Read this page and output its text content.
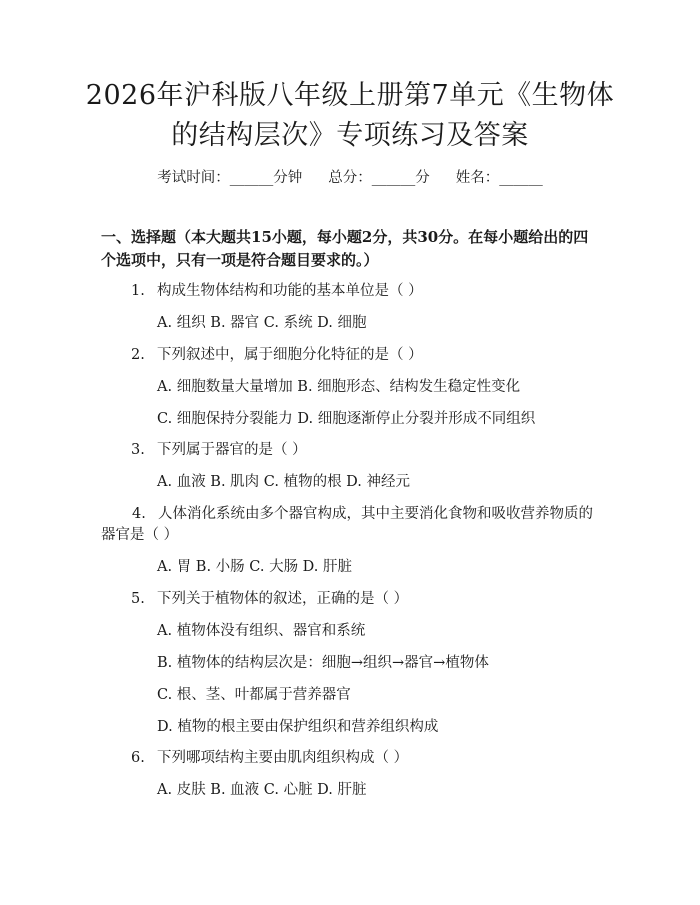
2026年沪科版八年级上册第7单元《生物体
的结构层次》专项练习及答案
考试时间：______分钟 总分：______分 姓名：______
一、选择题（本大题共15小题，每小题2分，共30分。在每小题给出的四个选项中，只有一项是符合题目要求的。）
1. 构成生物体结构和功能的基本单位是（ ）
A. 组织 B. 器官 C. 系统 D. 细胞
2. 下列叙述中，属于细胞分化特征的是（ ）
A. 细胞数量大量增加 B. 细胞形态、结构发生稳定性变化
C. 细胞保持分裂能力 D. 细胞逐渐停止分裂并形成不同组织
3. 下列属于器官的是（ ）
A. 血液 B. 肌肉 C. 植物的根 D. 神经元
4. 人体消化系统由多个器官构成，其中主要消化食物和吸收营养物质的器官是（ ）
A. 胃 B. 小肠 C. 大肠 D. 肝脏
5. 下列关于植物体的叙述，正确的是（ ）
A. 植物体没有组织、器官和系统
B. 植物体的结构层次是：细胞→组织→器官→植物体
C. 根、茎、叶都属于营养器官
D. 植物的根主要由保护组织和营养组织构成
6. 下列哪项结构主要由肌肉组织构成（ ）
A. 皮肤 B. 血液 C. 心脏 D. 肝脏
